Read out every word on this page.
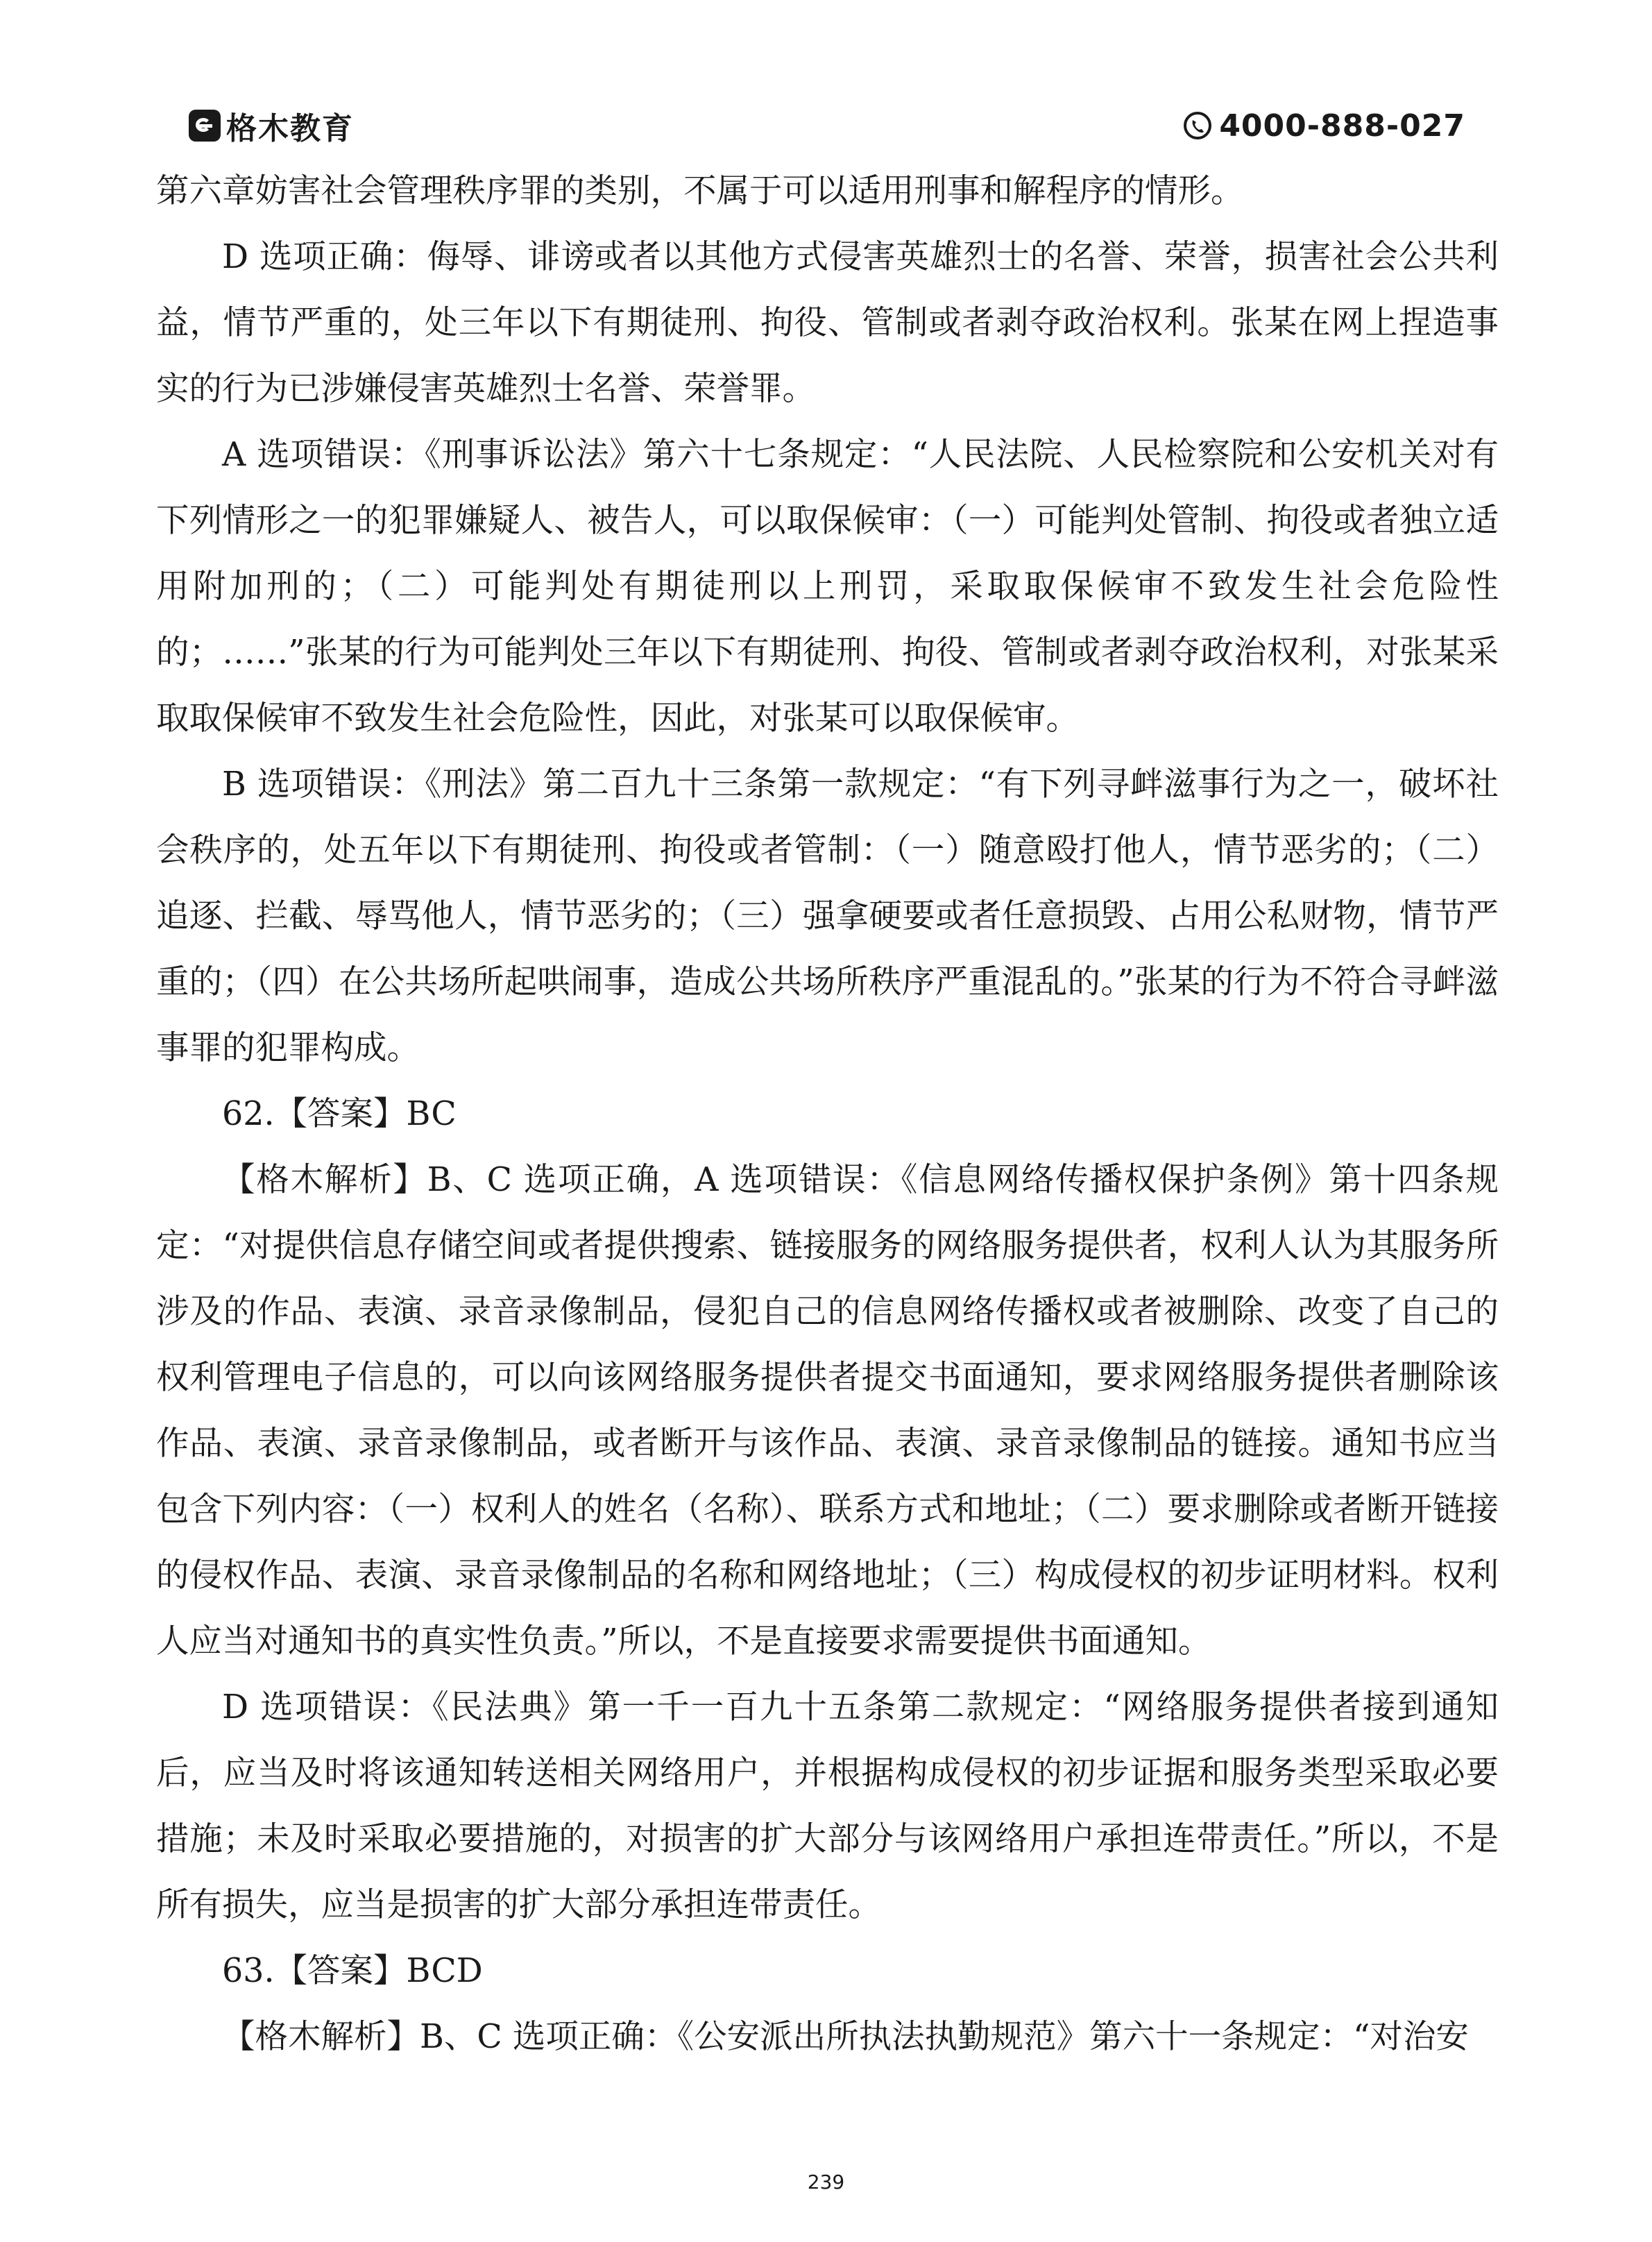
格木教育	4000-888-027

第六章妨害社会管理秩序罪的类别，不属于可以适用刑事和解程序的情形。

D 选项正确：侮辱、诽谤或者以其他方式侵害英雄烈士的名誉、荣誉，损害社会公共利益，情节严重的，处三年以下有期徒刑、拘役、管制或者剥夺政治权利。张某在网上捏造事实的行为已涉嫌侵害英雄烈士名誉、荣誉罪。

A 选项错误：《刑事诉讼法》第六十七条规定：“人民法院、人民检察院和公安机关对有下列情形之一的犯罪嫌疑人、被告人，可以取保候审：（一）可能判处管制、拘役或者独立适用附加刑的；（二）可能判处有期徒刑以上刑罚，采取取保候审不致发生社会危险性的；……”张某的行为可能判处三年以下有期徒刑、拘役、管制或者剥夺政治权利，对张某采取取保候审不致发生社会危险性，因此，对张某可以取保候审。

B 选项错误：《刑法》第二百九十三条第一款规定：“有下列寻衅滋事行为之一，破坏社会秩序的，处五年以下有期徒刑、拘役或者管制：（一）随意殴打他人，情节恶劣的；（二）追逐、拦截、辱骂他人，情节恶劣的；（三）强拿硬要或者任意损毁、占用公私财物，情节严重的；（四）在公共场所起哄闹事，造成公共场所秩序严重混乱的。”张某的行为不符合寻衅滋事罪的犯罪构成。

62.【答案】BC

【格木解析】B、C 选项正确，A 选项错误：《信息网络传播权保护条例》第十四条规定：“对提供信息存储空间或者提供搜索、链接服务的网络服务提供者，权利人认为其服务所涉及的作品、表演、录音录像制品，侵犯自己的信息网络传播权或者被删除、改变了自己的权利管理电子信息的，可以向该网络服务提供者提交书面通知，要求网络服务提供者删除该作品、表演、录音录像制品，或者断开与该作品、表演、录音录像制品的链接。通知书应当包含下列内容：（一）权利人的姓名（名称）、联系方式和地址；（二）要求删除或者断开链接的侵权作品、表演、录音录像制品的名称和网络地址；（三）构成侵权的初步证明材料。权利人应当对通知书的真实性负责。”所以，不是直接要求需要提供书面通知。

D 选项错误：《民法典》第一千一百九十五条第二款规定：“网络服务提供者接到通知后，应当及时将该通知转送相关网络用户，并根据构成侵权的初步证据和服务类型采取必要措施；未及时采取必要措施的，对损害的扩大部分与该网络用户承担连带责任。”所以，不是所有损失，应当是损害的扩大部分承担连带责任。

63.【答案】BCD

【格木解析】B、C 选项正确：《公安派出所执法执勤规范》第六十一条规定：“对治安

239
